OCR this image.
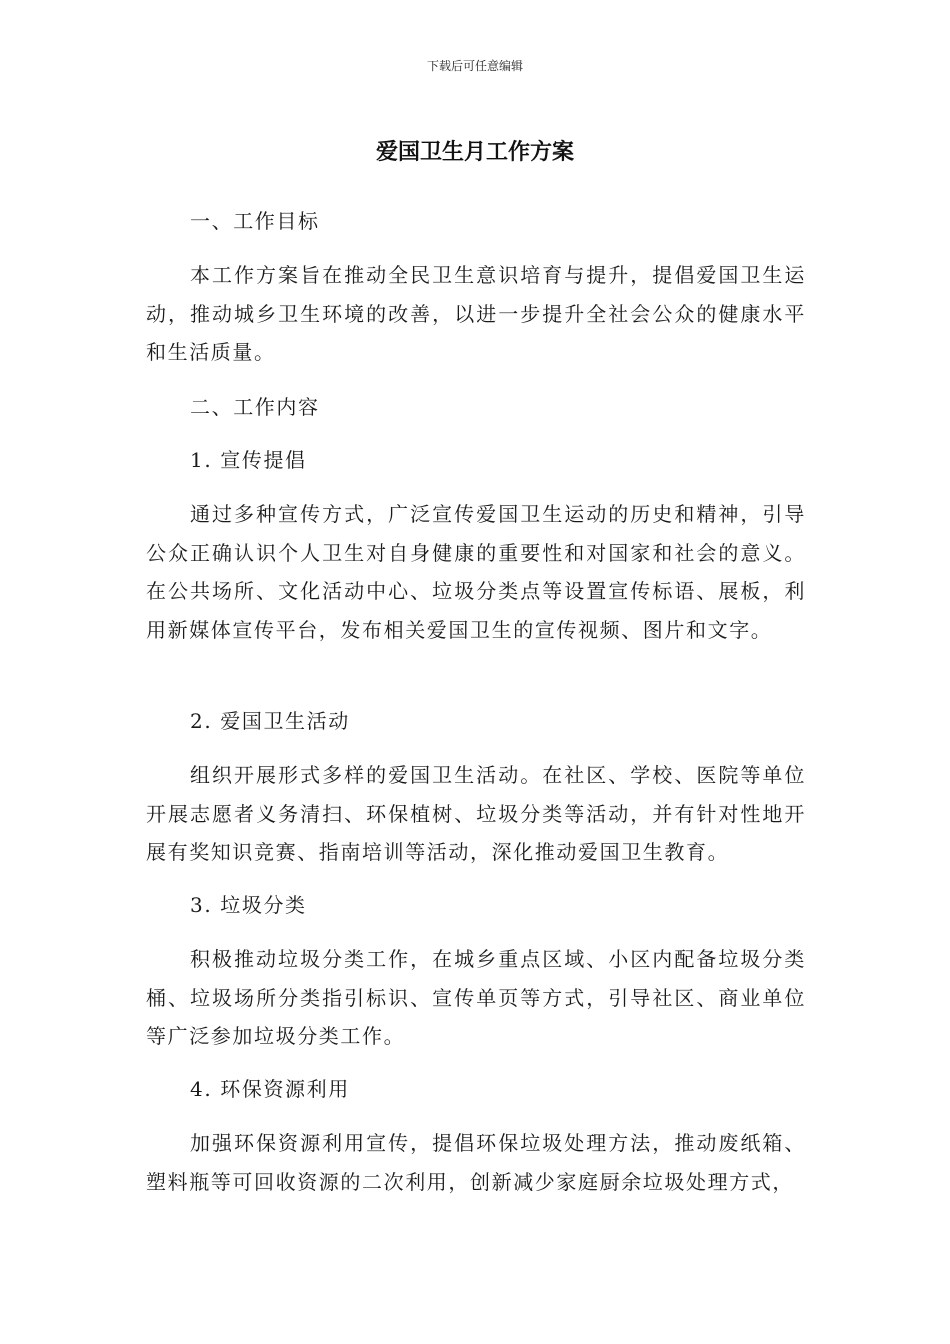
下载后可任意编辑
爱国卫生月工作方案

一、工作目标

本工作方案旨在推动全民卫生意识培育与提升，提倡爱国卫生运动，推动城乡卫生环境的改善，以进一步提升全社会公众的健康水平和生活质量。

二、工作内容

1. 宣传提倡

通过多种宣传方式，广泛宣传爱国卫生运动的历史和精神，引导公众正确认识个人卫生对自身健康的重要性和对国家和社会的意义。在公共场所、文化活动中心、垃圾分类点等设置宣传标语、展板，利用新媒体宣传平台，发布相关爱国卫生的宣传视频、图片和文字。

2. 爱国卫生活动

组织开展形式多样的爱国卫生活动。在社区、学校、医院等单位开展志愿者义务清扫、环保植树、垃圾分类等活动，并有针对性地开展有奖知识竞赛、指南培训等活动，深化推动爱国卫生教育。

3. 垃圾分类

积极推动垃圾分类工作，在城乡重点区域、小区内配备垃圾分类桶、垃圾场所分类指引标识、宣传单页等方式，引导社区、商业单位等广泛参加垃圾分类工作。

4. 环保资源利用

加强环保资源利用宣传，提倡环保垃圾处理方法，推动废纸箱、塑料瓶等可回收资源的二次利用，创新减少家庭厨余垃圾处理方式，
